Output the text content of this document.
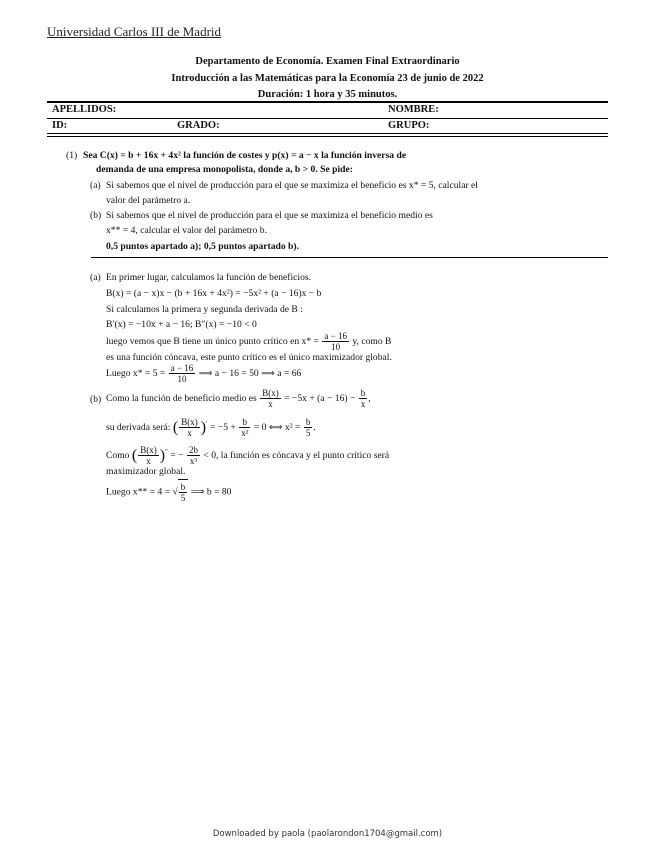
Universidad Carlos III de Madrid
Departamento de Economía. Examen Final Extraordinario
Introducción a las Matemáticas para la Economía 23 de junio de 2022
Duración: 1 hora y 35 minutos.
APELLIDOS:	NOMBRE:
ID:	GRADO:	GRUPO:
(1) Sea C(x) = b + 16x + 4x² la función de costes y p(x) = a − x la función inversa de
demanda de una empresa monopolista, donde a, b > 0. Se pide:
(a) Si sabemos que el nivel de producción para el que se maximiza el beneficio es x* = 5, calcular el
valor del parámetro a.
(b) Si sabemos que el nivel de producción para el que se maximiza el beneficio medio es
x** = 4, calcular el valor del parámetro b.
0,5 puntos apartado a); 0,5 puntos apartado b).
(a) En primer lugar, calculamos la función de beneficios.
B(x) = (a − x)x − (b + 16x + 4x²) = −5x² + (a − 16)x − b
Si calculamos la primera y segunda derivada de B :
B′(x) = −10x + a − 16; B″(x) = −10 < 0
luego vemos que B tiene un único punto crítico en $x* = \frac{a - 16}{10} y$, como B
es una función cóncava, este punto crítico es el único maximizador global.
Luego $x* = 5 = \frac{a - 16}{10}$ ⟹ a − 16 = 50 ⟹ a = 66
(b) Como la función de beneficio medio es $\frac{B(x)}{x} = -5x + (a - 16) - \frac{b}{x}$ ,
su derivada será: ( $\frac{B(x)}{x} )' = -5 + \frac{b}{\text{x²}} = 0$ ⟺ $x^2 = \frac{b}{5}$ .
Como ( $\frac{B(x)}{x} )''$ = − $\frac{2b}{\text{x³}} < 0$, la función es cóncava y el punto crítico será
maximizador global.
Luego x** = 4 = √ $\frac{b}{5}$ ⟹ b = 80
Downloaded by paola (paolarondon1704@gmail.com)
